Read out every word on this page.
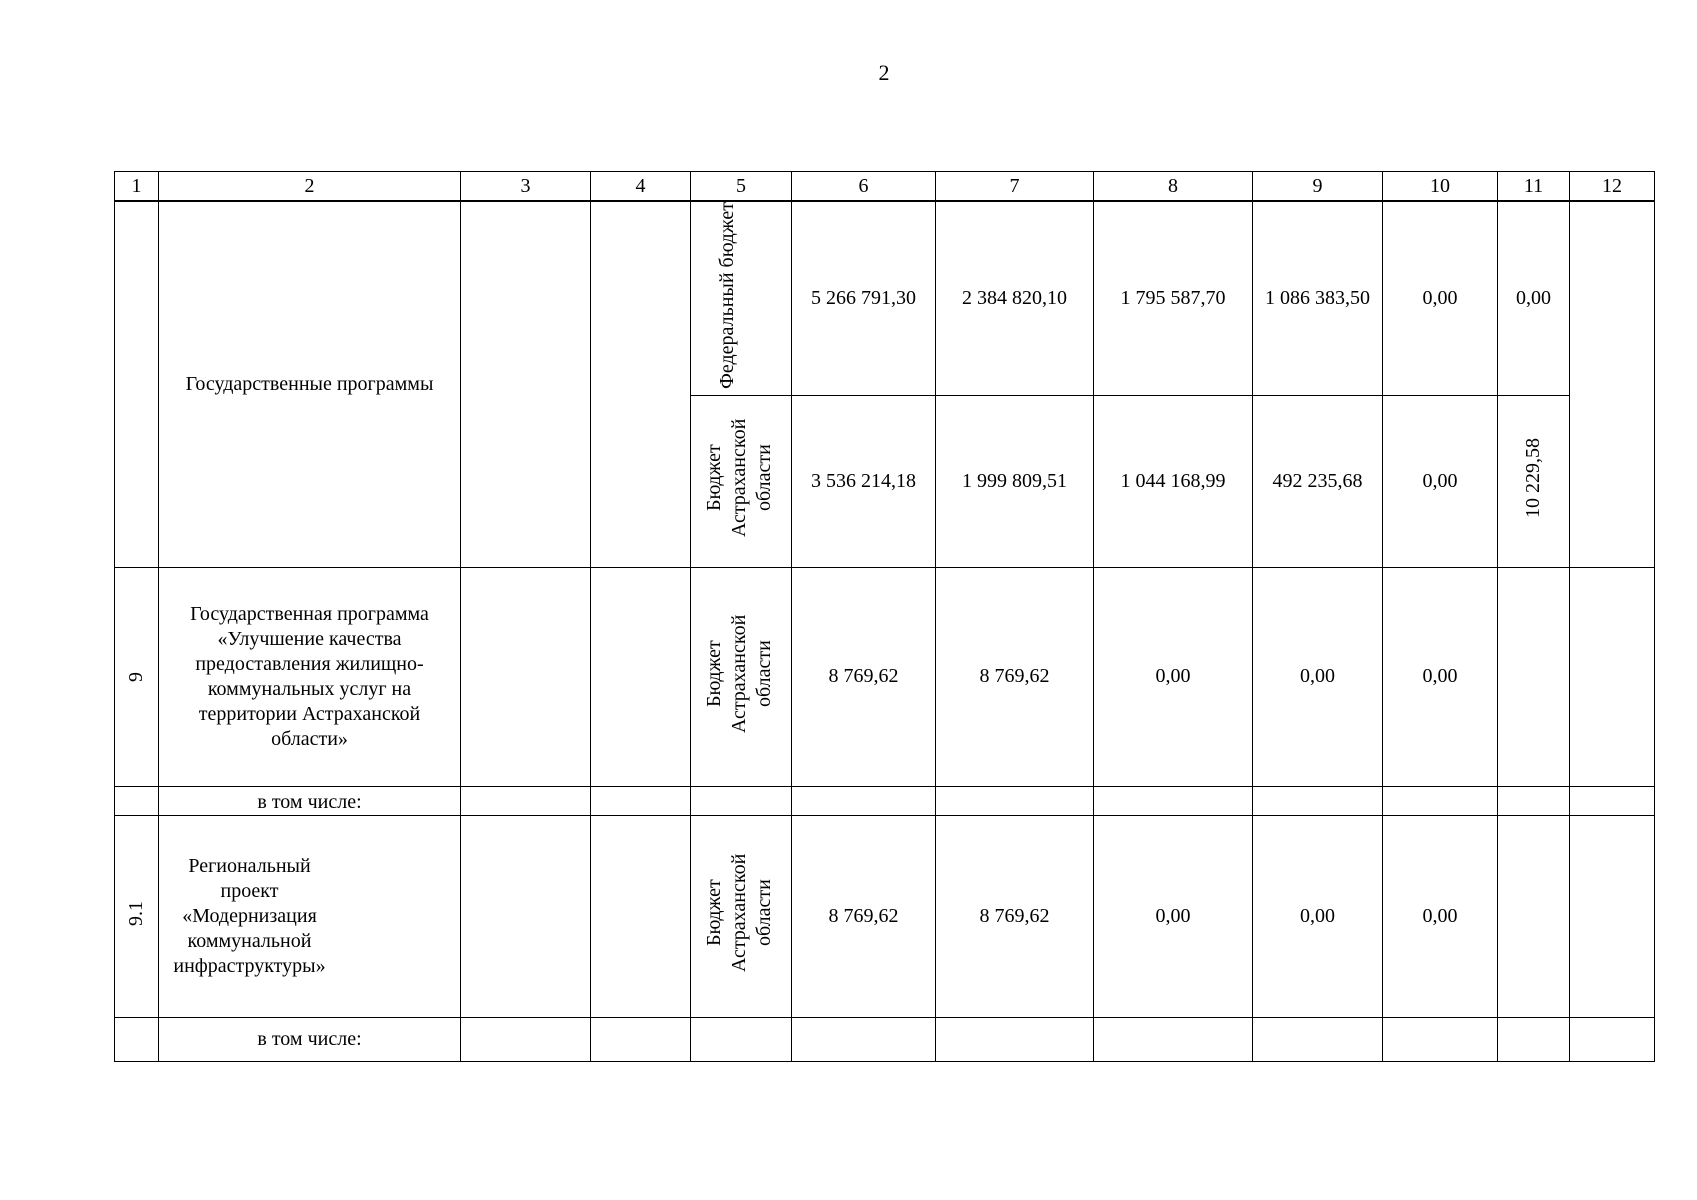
2
1	2	3	4	5	6	7	8	9	10	11	12
	Государственные программы			Федеральный бюджет	5 266 791,30	2 384 820,10	1 795 587,70	1 086 383,50	0,00	0,00	
				Бюджет Астраханской области	3 536 214,18	1 999 809,51	1 044 168,99	492 235,68	0,00	10 229,58	
9	Государственная программа «Улучшение качества предоставления жилищно-коммунальных услуг на территории Астраханской области»			Бюджет Астраханской области	8 769,62	8 769,62	0,00	0,00	0,00		
	в том числе:										
9.1	Региональный проект «Модернизация коммунальной инфраструктуры»			Бюджет Астраханской области	8 769,62	8 769,62	0,00	0,00	0,00		
	в том числе:										
